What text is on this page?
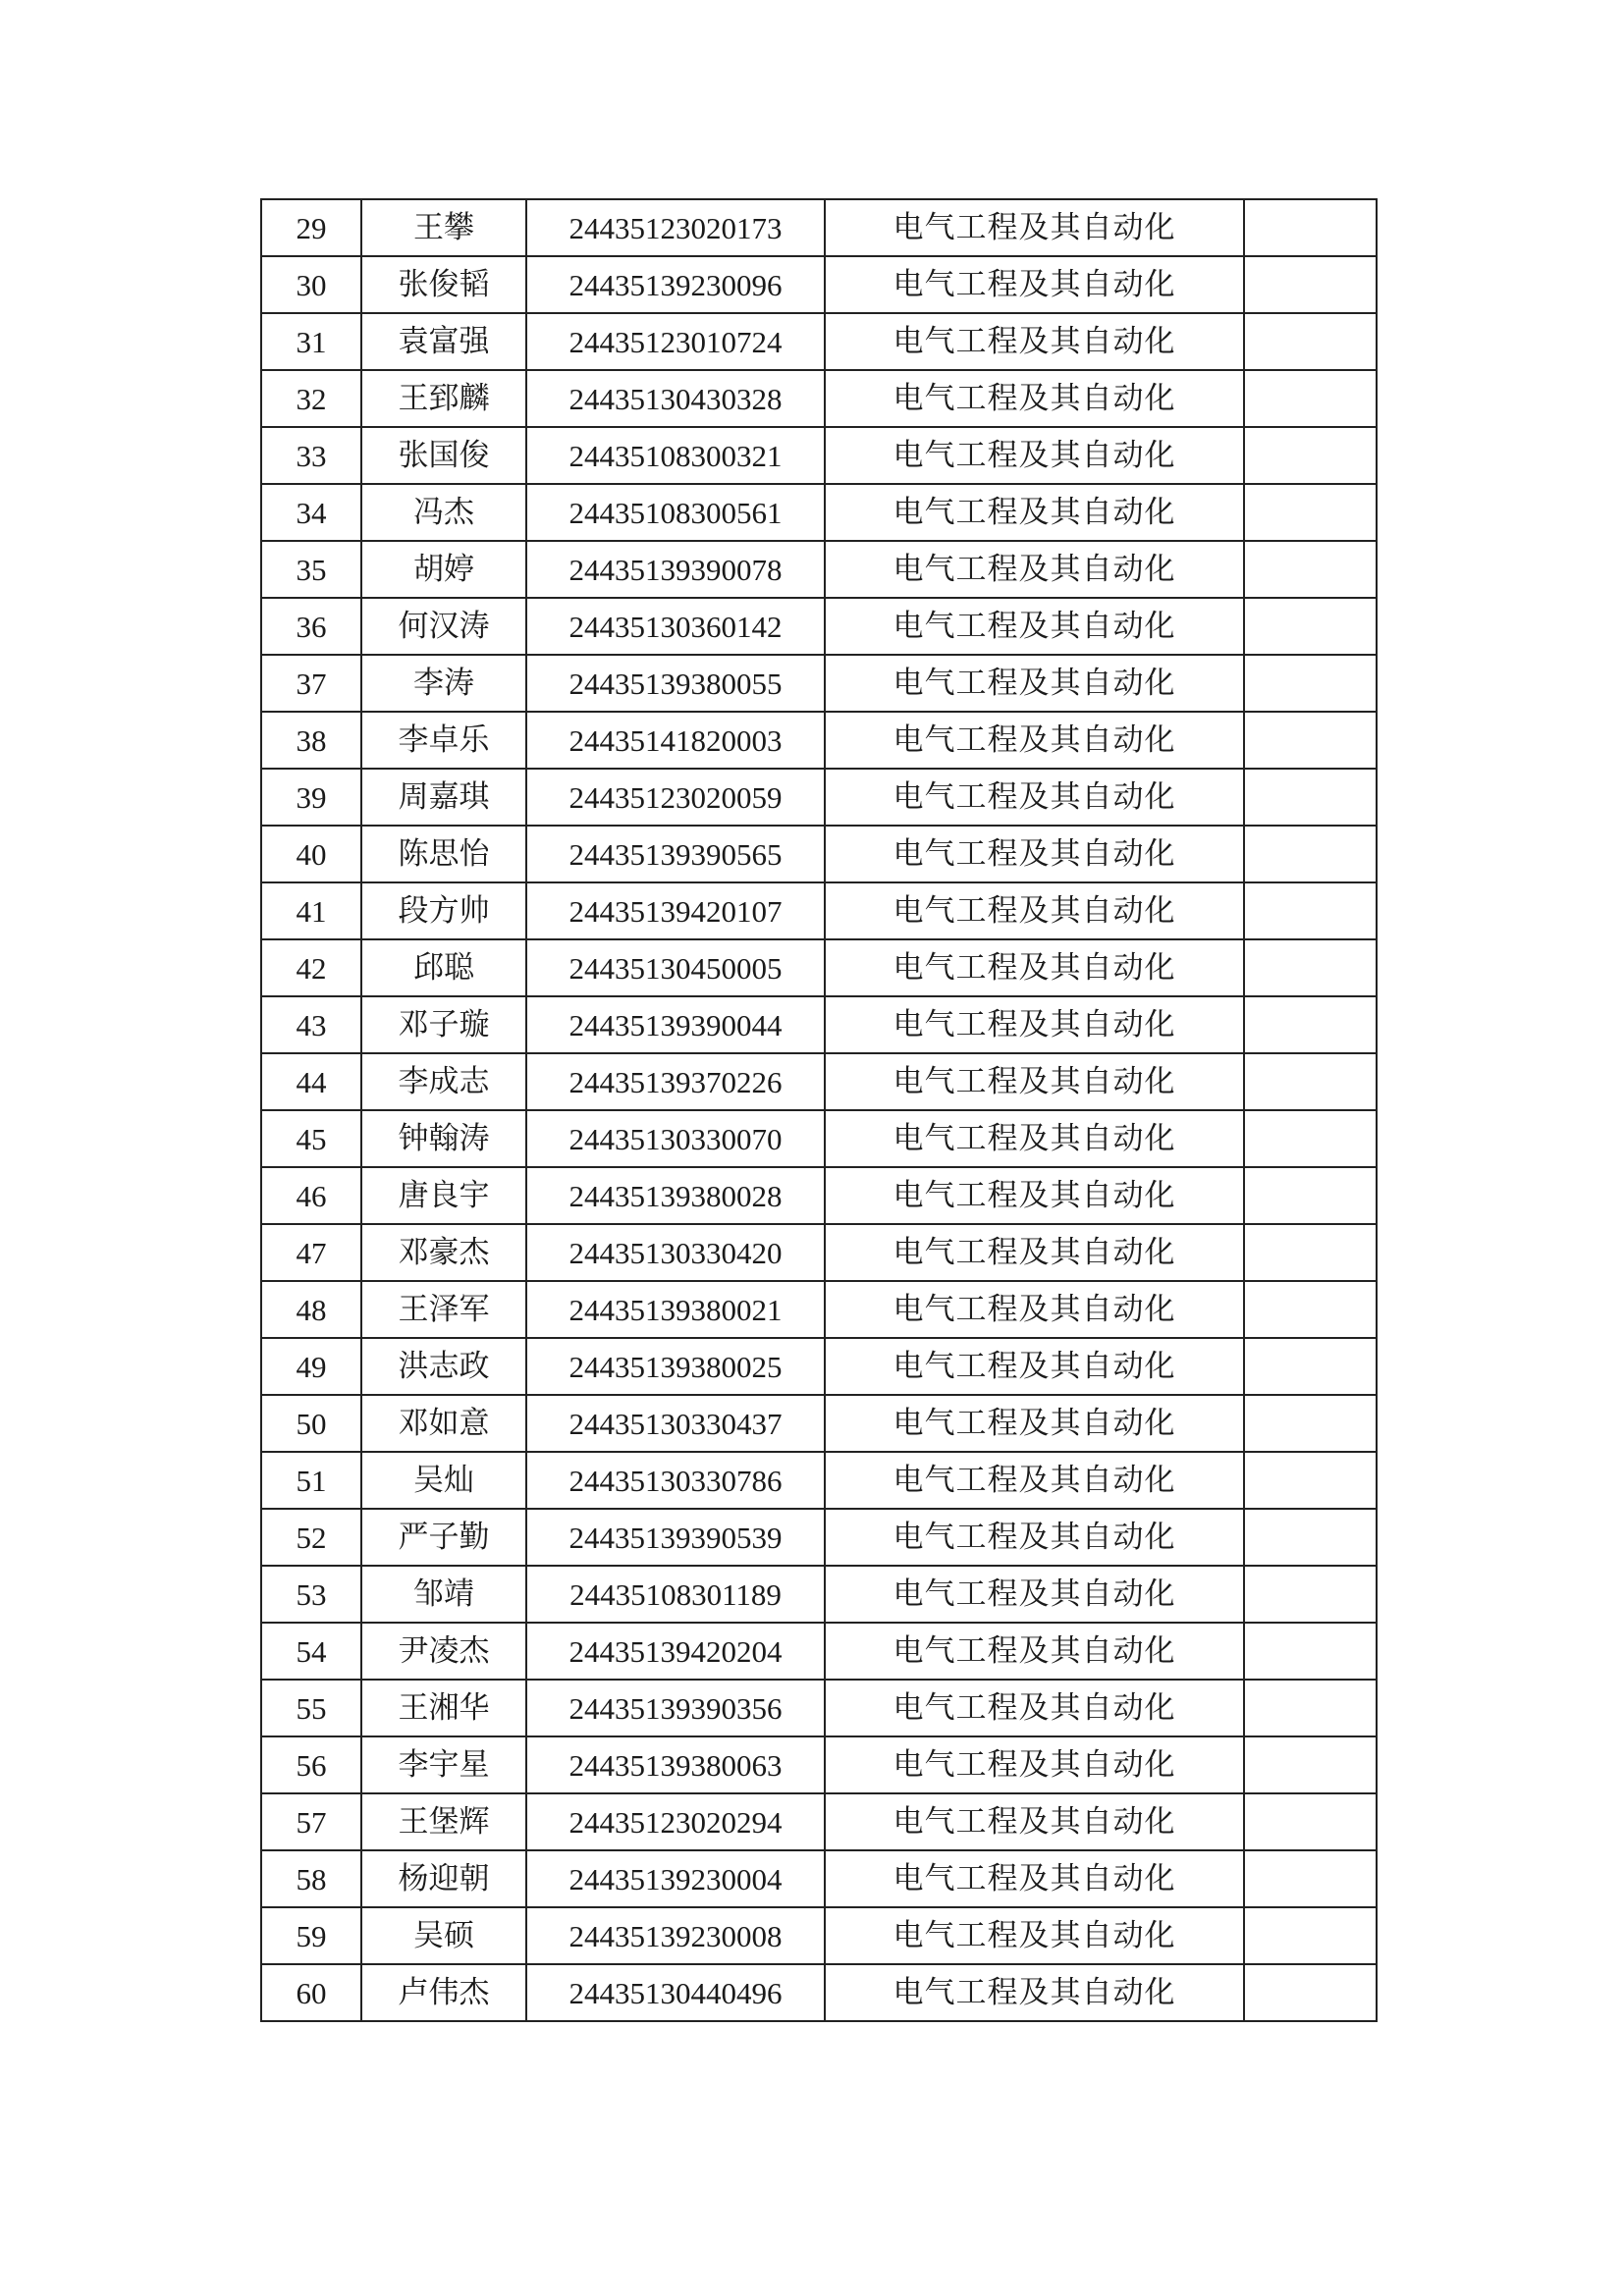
29	王攀	24435123020173	电气工程及其自动化	
30	张俊韬	24435139230096	电气工程及其自动化	
31	袁富强	24435123010724	电气工程及其自动化	
32	王郅麟	24435130430328	电气工程及其自动化	
33	张国俊	24435108300321	电气工程及其自动化	
34	冯杰	24435108300561	电气工程及其自动化	
35	胡婷	24435139390078	电气工程及其自动化	
36	何汉涛	24435130360142	电气工程及其自动化	
37	李涛	24435139380055	电气工程及其自动化	
38	李卓乐	24435141820003	电气工程及其自动化	
39	周嘉琪	24435123020059	电气工程及其自动化	
40	陈思怡	24435139390565	电气工程及其自动化	
41	段方帅	24435139420107	电气工程及其自动化	
42	邱聪	24435130450005	电气工程及其自动化	
43	邓子璇	24435139390044	电气工程及其自动化	
44	李成志	24435139370226	电气工程及其自动化	
45	钟翰涛	24435130330070	电气工程及其自动化	
46	唐良宇	24435139380028	电气工程及其自动化	
47	邓豪杰	24435130330420	电气工程及其自动化	
48	王泽军	24435139380021	电气工程及其自动化	
49	洪志政	24435139380025	电气工程及其自动化	
50	邓如意	24435130330437	电气工程及其自动化	
51	吴灿	24435130330786	电气工程及其自动化	
52	严子勤	24435139390539	电气工程及其自动化	
53	邹靖	24435108301189	电气工程及其自动化	
54	尹凌杰	24435139420204	电气工程及其自动化	
55	王湘华	24435139390356	电气工程及其自动化	
56	李宇星	24435139380063	电气工程及其自动化	
57	王堡辉	24435123020294	电气工程及其自动化	
58	杨迎朝	24435139230004	电气工程及其自动化	
59	吴硕	24435139230008	电气工程及其自动化	
60	卢伟杰	24435130440496	电气工程及其自动化	
